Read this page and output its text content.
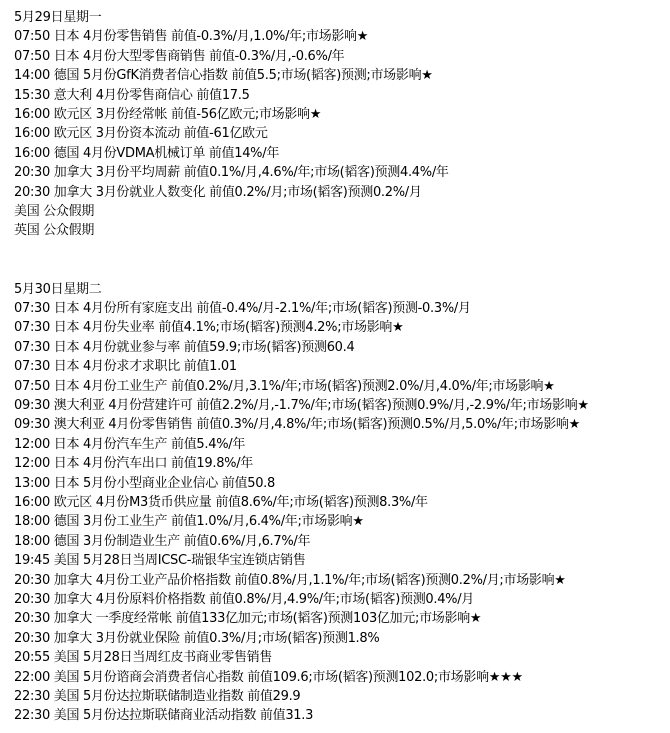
5月29日星期一
07:50 日本 4月份零售销售 前值-0.3%/月,1.0%/年;市场影响★
07:50 日本 4月份大型零售商销售 前值-0.3%/月,-0.6%/年
14:00 德国 5月份GfK消费者信心指数 前值5.5;市场(韬客)预测;市场影响★
15:30 意大利 4月份零售商信心 前值17.5
16:00 欧元区 3月份经常帐 前值-56亿欧元;市场影响★
16:00 欧元区 3月份资本流动 前值-61亿欧元
16:00 德国 4月份VDMA机械订单 前值14%/年
20:30 加拿大 3月份平均周薪 前值0.1%/月,4.6%/年;市场(韬客)预测4.4%/年
20:30 加拿大 3月份就业人数变化 前值0.2%/月;市场(韬客)预测0.2%/月
美国 公众假期
英国 公众假期
5月30日星期二
07:30 日本 4月份所有家庭支出 前值-0.4%/月-2.1%/年;市场(韬客)预测-0.3%/月
07:30 日本 4月份失业率 前值4.1%;市场(韬客)预测4.2%;市场影响★
07:30 日本 4月份就业参与率 前值59.9;市场(韬客)预测60.4
07:30 日本 4月份求才求职比 前值1.01
07:50 日本 4月份工业生产 前值0.2%/月,3.1%/年;市场(韬客)预测2.0%/月,4.0%/年;市场影响★
09:30 澳大利亚 4月份营建许可 前值2.2%/月,-1.7%/年;市场(韬客)预测0.9%/月,-2.9%/年;市场影响★
09:30 澳大利亚 4月份零售销售 前值0.3%/月,4.8%/年;市场(韬客)预测0.5%/月,5.0%/年;市场影响★
12:00 日本 4月份汽车生产 前值5.4%/年
12:00 日本 4月份汽车出口 前值19.8%/年
13:00 日本 5月份小型商业企业信心 前值50.8
16:00 欧元区 4月份M3货币供应量 前值8.6%/年;市场(韬客)预测8.3%/年
18:00 德国 3月份工业生产 前值1.0%/月,6.4%/年;市场影响★
18:00 德国 3月份制造业生产 前值0.6%/月,6.7%/年
19:45 美国 5月28日当周ICSC-瑞银华宝连锁店销售
20:30 加拿大 4月份工业产品价格指数 前值0.8%/月,1.1%/年;市场(韬客)预测0.2%/月;市场影响★
20:30 加拿大 4月份原料价格指数 前值0.8%/月,4.9%/年;市场(韬客)预测0.4%/月
20:30 加拿大 一季度经常帐 前值133亿加元;市场(韬客)预测103亿加元;市场影响★
20:30 加拿大 3月份就业保险 前值0.3%/月;市场(韬客)预测1.8%
20:55 美国 5月28日当周红皮书商业零售销售
22:00 美国 5月份谘商会消费者信心指数 前值109.6;市场(韬客)预测102.0;市场影响★★★
22:30 美国 5月份达拉斯联储制造业指数 前值29.9
22:30 美国 5月份达拉斯联储商业活动指数 前值31.3
